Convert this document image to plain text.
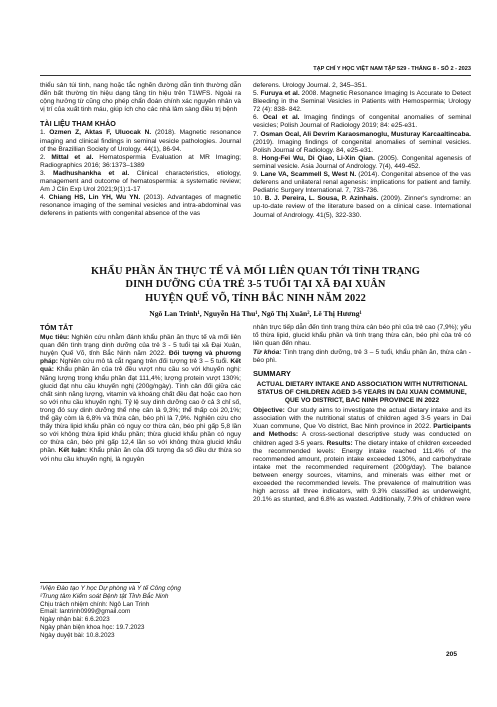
TẠP CHÍ Y HỌC VIỆT NAM TẬP 529 - THÁNG 8 - SỐ 2 - 2023

thiểu sản túi tinh, nang hoặc tắc nghẽn đường dẫn tinh thường dẫn đến bất thường tín hiệu dạng tăng tín hiệu trên T1WFS. Ngoài ra cộng hưởng từ cũng cho phép chẩn đoán chính xác nguyên nhân và vị trí của xuất tinh máu, giúp ích cho các nhà lâm sàng điều trị bệnh

TÀI LIỆU THAM KHẢO

1. Ozmen Z, Aktas F, Uluocak N. (2018). Magnetic resonance imaging and clinical findings in seminal vesicle pathologies. Journal of the Brazillian Society of Urology. 44(1), 86-94.

2. Mittal et al. Hematospermia Evaluation at MR Imaging; Radiographics 2016; 36:1373–1389

3. Madhushankha et al. Clinical characteristics, etiology, management and outcome of hematospermia: a systematic review; Am J Clin Exp Urol 2021;9(1):1-17

4. Chiang HS, Lin YH, Wu YN. (2013). Advantages of magnetic resonance imaging of the seminal vesicles and intra-abdominal vas deferens in patients with congenital absence of the vas

deferens. Urology Journal. 2, 345–351.

5. Furuya et al. 2008. Magnetic Resonance Imaging Is Accurate to Detect Bleeding in the Seminal Vesicles in Patients with Hemospermia; Urology 72 (4): 838- 842.

6. Ocal et al. Imaging findings of congenital anomalies of seminal vesicles; Polish Journal of Radiology 2019; 84: e25-e31.

7. Osman Ocal, Ali Devrim Karaosmanoglu, Musturay Karcaaltincaba. (2019). Imaging findings of congenital anomalies of seminal vesicles. Polish Journal of Radiology. 84, e25-e31.

8. Hong-Fei Wu, Di Qiao, Li-Xin Qian. (2005). Congenital agenesis of seminal vesicle. Asia Journal of Andrology. 7(4), 449-452.

9. Lane VA, Scammell S, West N. (2014). Congenital absence of the vas deferens and unilateral renal agenesis: implications for patient and family. Pediatric Surgery International. 7, 733-736.

10. B. J. Pereira, L. Sousa, P. Azinhais. (2009). Zinner's syndrome: an up-to-date review of the literature based on a clinical case. International Journal of Andrology. 41(5), 322-330.

KHẨU PHẦN ĂN THỰC TẾ VÀ MỐI LIÊN QUAN TỚI TÌNH TRẠNG
DINH DƯỠNG CỦA TRẺ 3-5 TUỔI TẠI XÃ ĐẠI XUÂN
HUYỆN QUẾ VÕ, TỈNH BẮC NINH NĂM 2022
Ngô Lan Trinh¹, Nguyễn Hà Thu¹, Ngô Thị Xuân², Lê Thị Hương¹

TÓM TẮT

Mục tiêu: Nghiên cứu nhằm đánh khẩu phần ăn thực tế và mối liên quan đến tình trạng dinh dưỡng của trẻ 3 - 5 tuổi tại xã Đại Xuân, huyện Quế Võ, tỉnh Bắc Ninh năm 2022. Đối tượng và phương pháp: Nghiên cứu mô tả cắt ngang trên đối tượng trẻ 3 – 5 tuổi. Kết quả: Khẩu phần ăn của trẻ đều vượt nhu cầu so với khuyến nghị: Năng lượng trong khẩu phần đạt 111,4%; lượng protein vượt 130%; glucid đạt nhu cầu khuyến nghị (200g/ngày). Tính cân đối giữa các chất sinh năng lượng, vitamin và khoáng chất đều đạt hoặc cao hơn so với nhu cầu khuyến nghị. Tỷ lệ suy dinh dưỡng cao ở cả 3 chỉ số, trong đó suy dinh dưỡng thể nhẹ cân là 9,3%; thể thấp còi 20,1%; thể gầy còm là 6,8% và thừa cân, béo phì là 7,9%. Nghiên cứu cho thấy thừa lipid khẩu phần có nguy cơ thừa cân, béo phì gấp 5,8 lần so với không thừa lipid khẩu phần; thừa glucid khẩu phần có nguy cơ thừa cân, béo phì gấp 12,4 lần so với không thừa glucid khẩu phần. Kết luận: Khẩu phần ăn của đối tượng đa số đều dư thừa so với nhu cầu khuyến nghị, là nguyên

¹Viện Đào tạo Y học Dự phòng và Y tế Công cộng

²Trung tâm Kiểm soát Bệnh tật Tỉnh Bắc Ninh

Chịu trách nhiệm chính: Ngô Lan Trinh

Email: lantrinh0999@gmail.com

Ngày nhận bài: 6.6.2023

Ngày phản biện khoa học: 19.7.2023

Ngày duyệt bài: 10.8.2023

nhân trực tiếp dẫn đến tình trạng thừa cân béo phì của trẻ cao (7,9%); yếu tố thừa lipid, glucid khẩu phần và tình trạng thừa cân, béo phì của trẻ có liên quan đến nhau.

Từ khóa: Tình trạng dinh dưỡng, trẻ 3 – 5 tuổi, khẩu phần ăn, thừa cân - béo phì.

SUMMARY

ACTUAL DIETARY INTAKE AND ASSOCIATION WITH NUTRITIONAL STATUS OF CHILDREN AGED 3-5 YEARS IN DAI XUAN COMMUNE, QUE VO DISTRICT, BAC NINH PROVINCE IN 2022

Objective: Our study aims to investigate the actual dietary intake and its association with the nutritional status of children aged 3-5 years in Dai Xuan commune, Que Vo district, Bac Ninh province in 2022. Participants and Methods: A cross-sectional descriptive study was conducted on children aged 3-5 years. Results: The dietary intake of children exceeded the recommended levels: Energy intake reached 111.4% of the recommended amount, protein intake exceeded 130%, and carbohydrate intake met the recommended requirement (200g/day). The balance between energy sources, vitamins, and minerals was either met or exceeded the recommended levels. The prevalence of malnutrition was high across all three indicators, with 9.3% classified as underweight, 20.1% as stunted, and 6.8% as wasted. Additionally, 7.9% of children were

205
